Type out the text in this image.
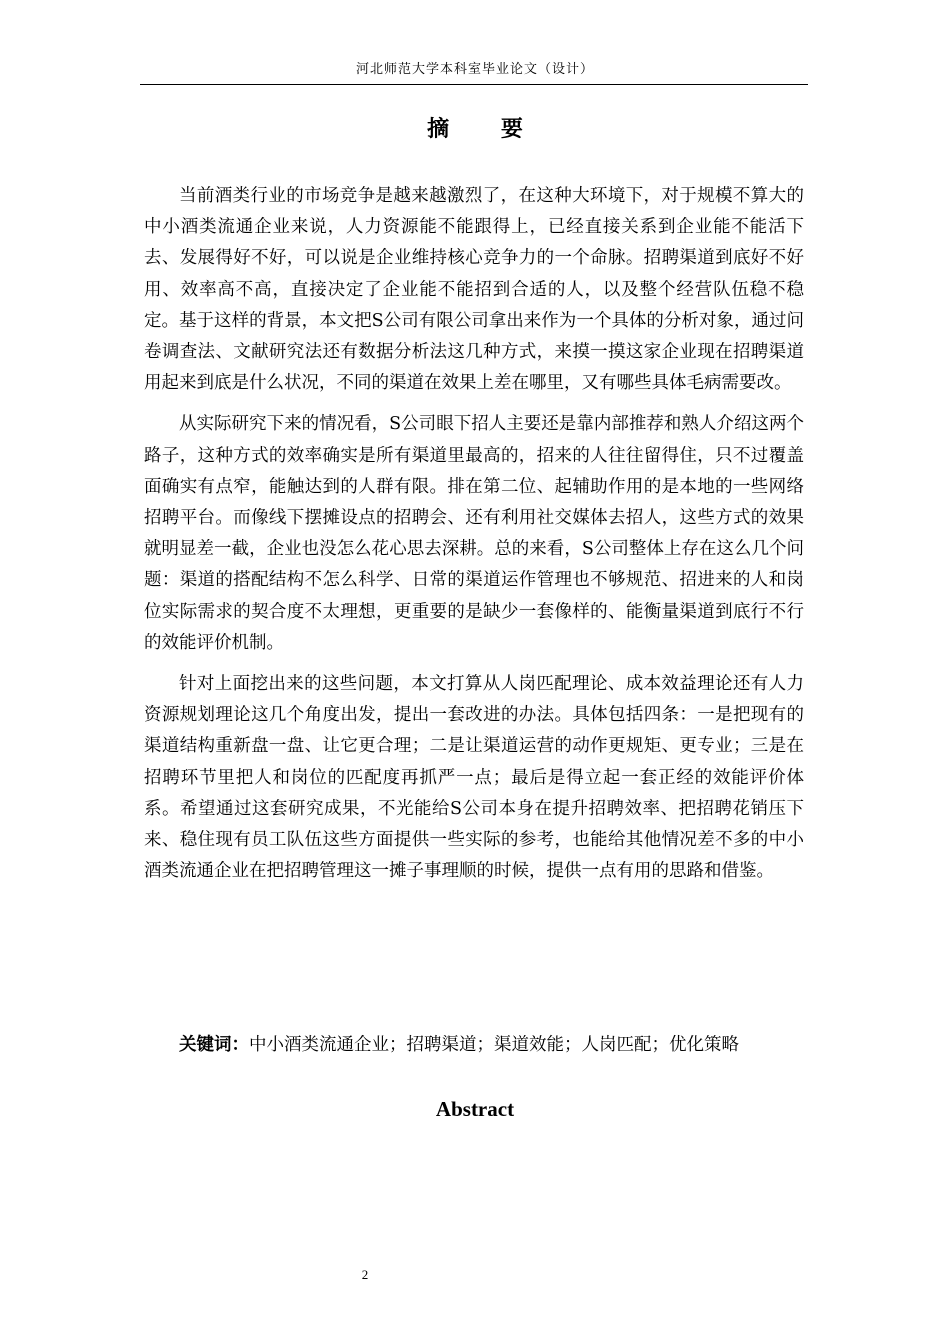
河北师范大学本科室毕业论文（设计）
摘 要

当前酒类行业的市场竞争是越来越激烈了，在这种大环境下，对于规模不算大的中小酒类流通企业来说，人力资源能不能跟得上，已经直接关系到企业能不能活下去、发展得好不好，可以说是企业维持核心竞争力的一个命脉。招聘渠道到底好不好用、效率高不高，直接决定了企业能不能招到合适的人，以及整个经营队伍稳不稳定。基于这样的背景，本文把S公司有限公司拿出来作为一个具体的分析对象，通过问卷调查法、文献研究法还有数据分析法这几种方式，来摸一摸这家企业现在招聘渠道用起来到底是什么状况，不同的渠道在效果上差在哪里，又有哪些具体毛病需要改。

从实际研究下来的情况看，S公司眼下招人主要还是靠内部推荐和熟人介绍这两个路子，这种方式的效率确实是所有渠道里最高的，招来的人往往留得住，只不过覆盖面确实有点窄，能触达到的人群有限。排在第二位、起辅助作用的是本地的一些网络招聘平台。而像线下摆摊设点的招聘会、还有利用社交媒体去招人，这些方式的效果就明显差一截，企业也没怎么花心思去深耕。总的来看，S公司整体上存在这么几个问题：渠道的搭配结构不怎么科学、日常的渠道运作管理也不够规范、招进来的人和岗位实际需求的契合度不太理想，更重要的是缺少一套像样的、能衡量渠道到底行不行的效能评价机制。

针对上面挖出来的这些问题，本文打算从人岗匹配理论、成本效益理论还有人力资源规划理论这几个角度出发，提出一套改进的办法。具体包括四条：一是把现有的渠道结构重新盘一盘、让它更合理；二是让渠道运营的动作更规矩、更专业；三是在招聘环节里把人和岗位的匹配度再抓严一点；最后是得立起一套正经的效能评价体系。希望通过这套研究成果，不光能给S公司本身在提升招聘效率、把招聘花销压下来、稳住现有员工队伍这些方面提供一些实际的参考，也能给其他情况差不多的中小酒类流通企业在把招聘管理这一摊子事理顺的时候，提供一点有用的思路和借鉴。

关键词：中小酒类流通企业；招聘渠道；渠道效能；人岗匹配；优化策略
Abstract
2
